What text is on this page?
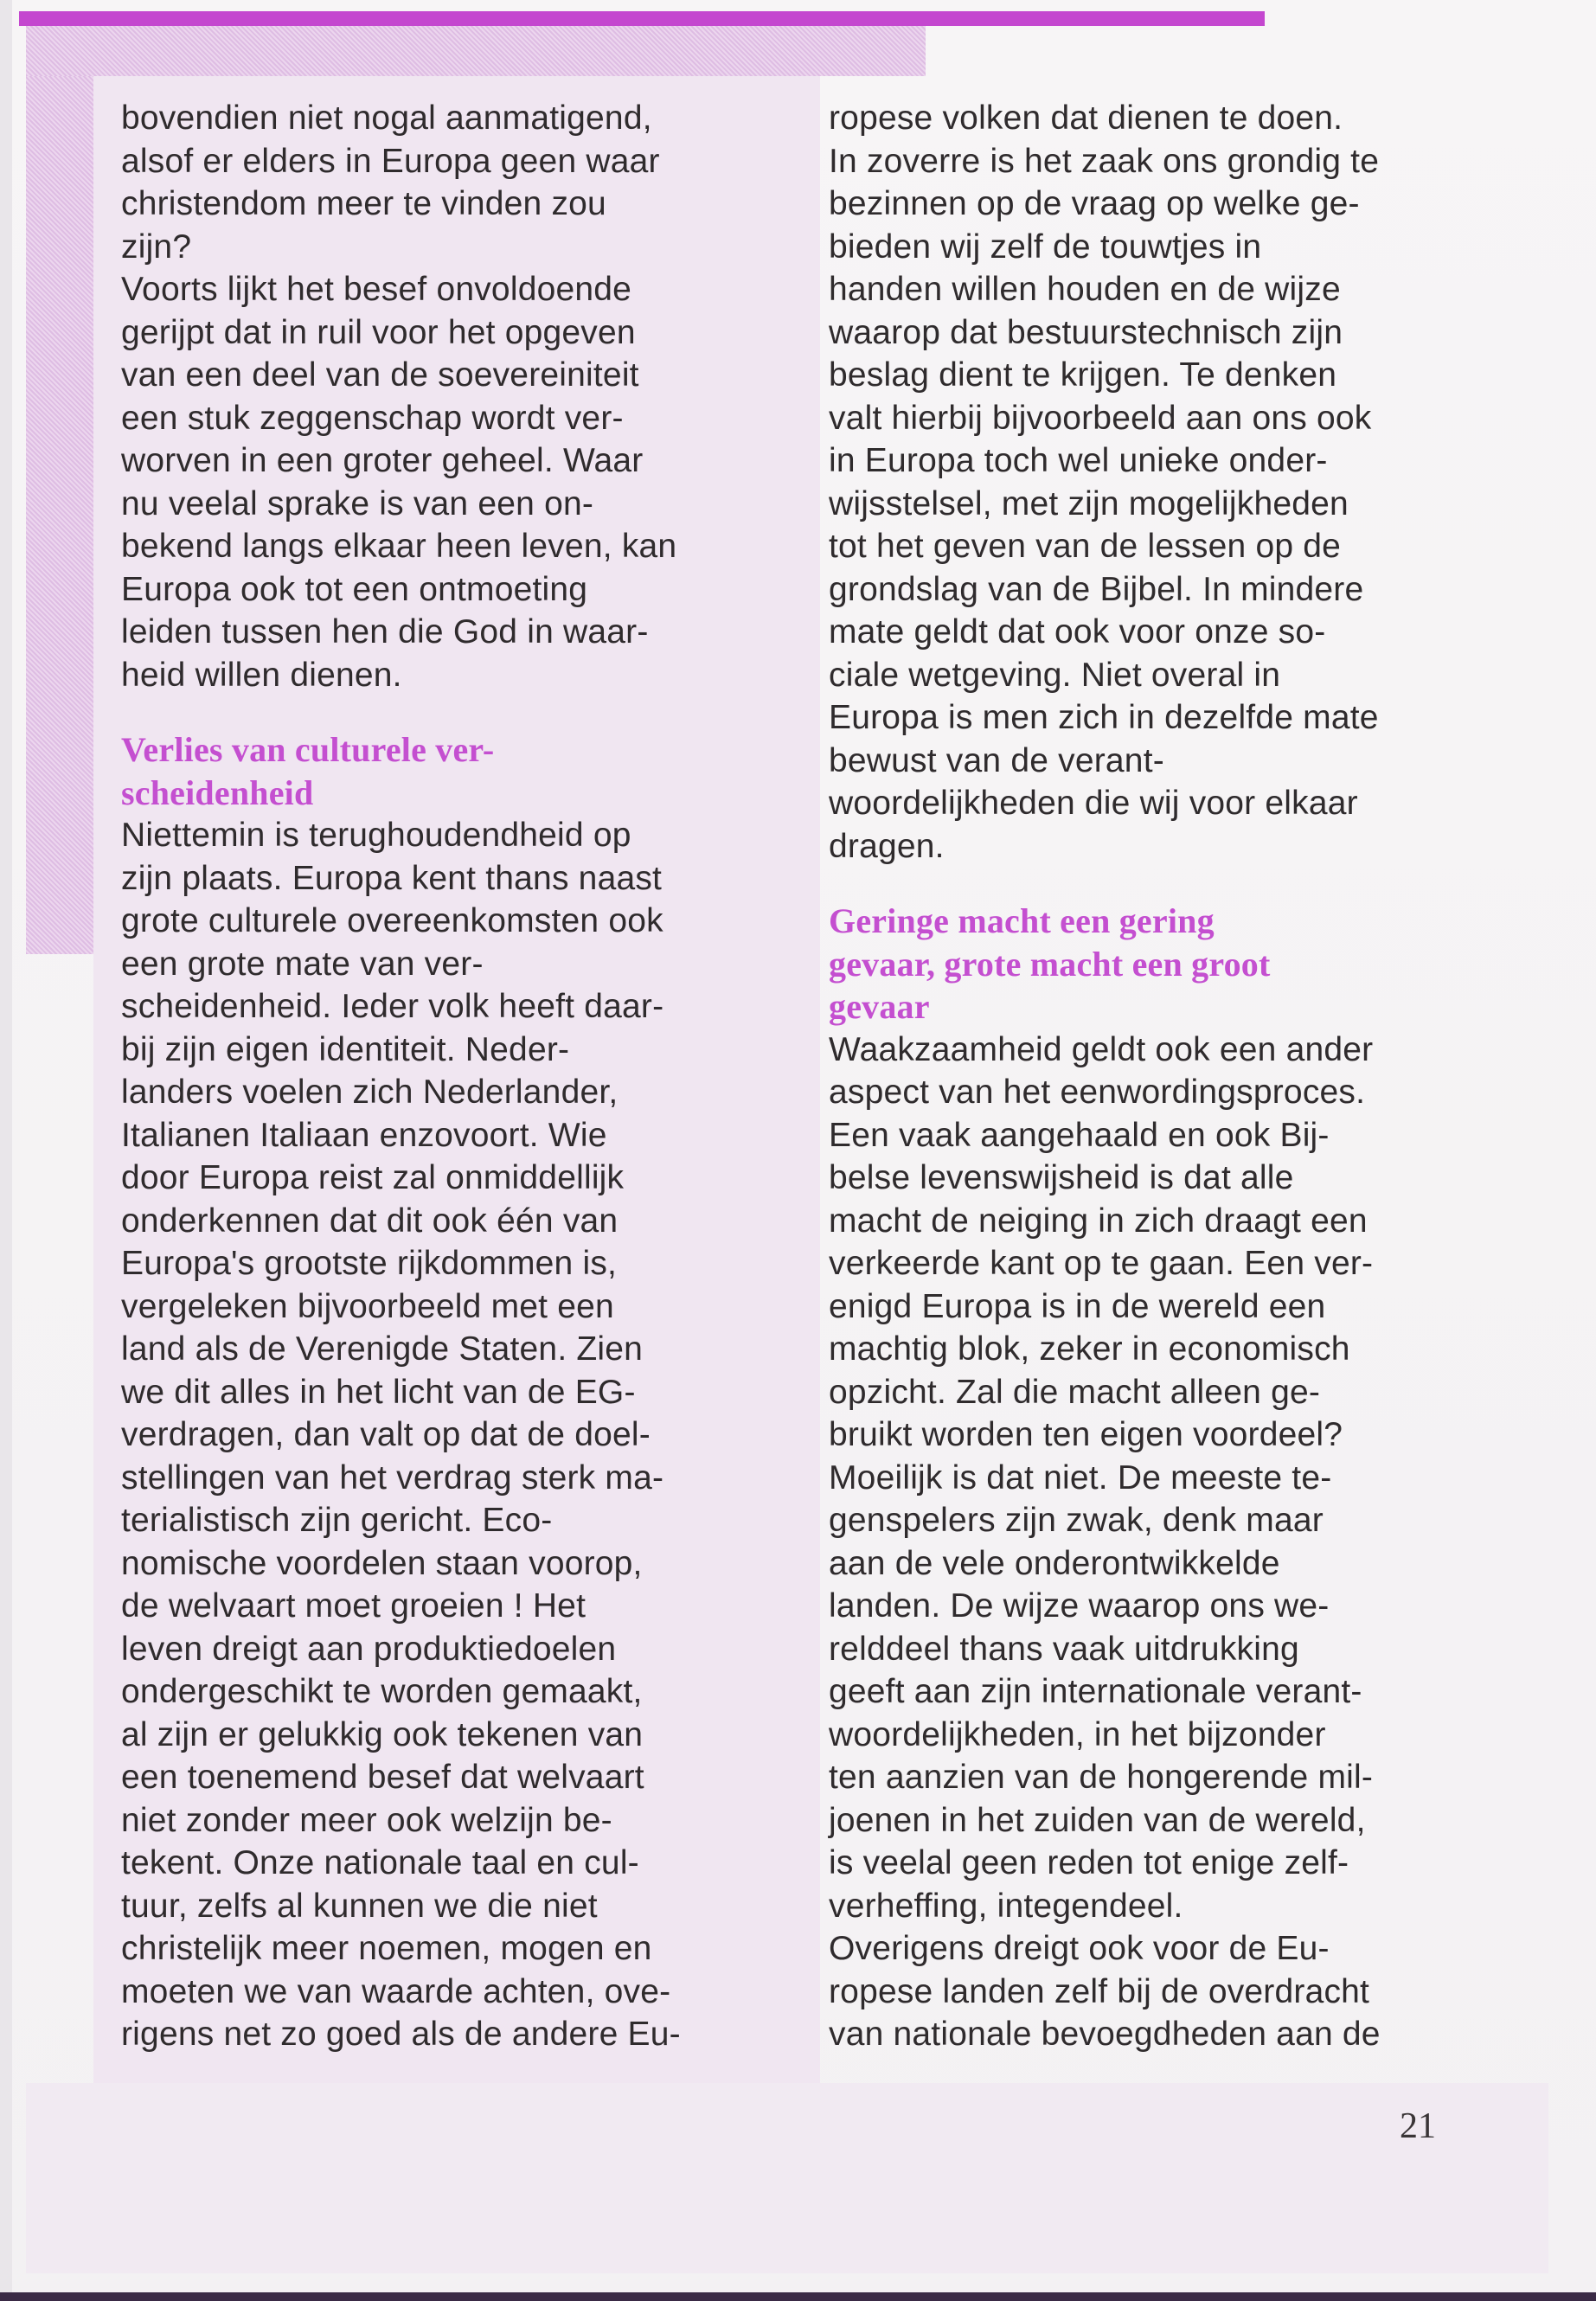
bovendien niet nogal aanmatigend,
alsof er elders in Europa geen waar
christendom meer te vinden zou
zijn?
Voorts lijkt het besef onvoldoende
gerijpt dat in ruil voor het opgeven
van een deel van de soevereiniteit
een stuk zeggenschap wordt ver-
worven in een groter geheel. Waar
nu veelal sprake is van een on-
bekend langs elkaar heen leven, kan
Europa ook tot een ontmoeting
leiden tussen hen die God in waar-
heid willen dienen.
Verlies van culturele ver-
scheidenheid
Niettemin is terughoudendheid op
zijn plaats. Europa kent thans naast
grote culturele overeenkomsten ook
een grote mate van ver-
scheidenheid. Ieder volk heeft daar-
bij zijn eigen identiteit. Neder-
landers voelen zich Nederlander,
Italianen Italiaan enzovoort. Wie
door Europa reist zal onmiddellijk
onderkennen dat dit ook één van
Europa's grootste rijkdommen is,
vergeleken bijvoorbeeld met een
land als de Verenigde Staten. Zien
we dit alles in het licht van de EG-
verdragen, dan valt op dat de doel-
stellingen van het verdrag sterk ma-
terialistisch zijn gericht. Eco-
nomische voordelen staan voorop,
de welvaart moet groeien ! Het
leven dreigt aan produktiedoelen
ondergeschikt te worden gemaakt,
al zijn er gelukkig ook tekenen van
een toenemend besef dat welvaart
niet zonder meer ook welzijn be-
tekent. Onze nationale taal en cul-
tuur, zelfs al kunnen we die niet
christelijk meer noemen, mogen en
moeten we van waarde achten, ove-
rigens net zo goed als de andere Eu-
ropese volken dat dienen te doen.
In zoverre is het zaak ons grondig te
bezinnen op de vraag op welke ge-
bieden wij zelf de touwtjes in
handen willen houden en de wijze
waarop dat bestuurstechnisch zijn
beslag dient te krijgen. Te denken
valt hierbij bijvoorbeeld aan ons ook
in Europa toch wel unieke onder-
wijsstelsel, met zijn mogelijkheden
tot het geven van de lessen op de
grondslag van de Bijbel. In mindere
mate geldt dat ook voor onze so-
ciale wetgeving. Niet overal in
Europa is men zich in dezelfde mate
bewust van de verant-
woordelijkheden die wij voor elkaar
dragen.
Geringe macht een gering
gevaar, grote macht een groot
gevaar
Waakzaamheid geldt ook een ander
aspect van het eenwordingsproces.
Een vaak aangehaald en ook Bij-
belse levenswijsheid is dat alle
macht de neiging in zich draagt een
verkeerde kant op te gaan. Een ver-
enigd Europa is in de wereld een
machtig blok, zeker in economisch
opzicht. Zal die macht alleen ge-
bruikt worden ten eigen voordeel?
Moeilijk is dat niet. De meeste te-
genspelers zijn zwak, denk maar
aan de vele onderontwikkelde
landen. De wijze waarop ons we-
relddeel thans vaak uitdrukking
geeft aan zijn internationale verant-
woordelijkheden, in het bijzonder
ten aanzien van de hongerende mil-
joenen in het zuiden van de wereld,
is veelal geen reden tot enige zelf-
verheffing, integendeel.
Overigens dreigt ook voor de Eu-
ropese landen zelf bij de overdracht
van nationale bevoegdheden aan de
21
